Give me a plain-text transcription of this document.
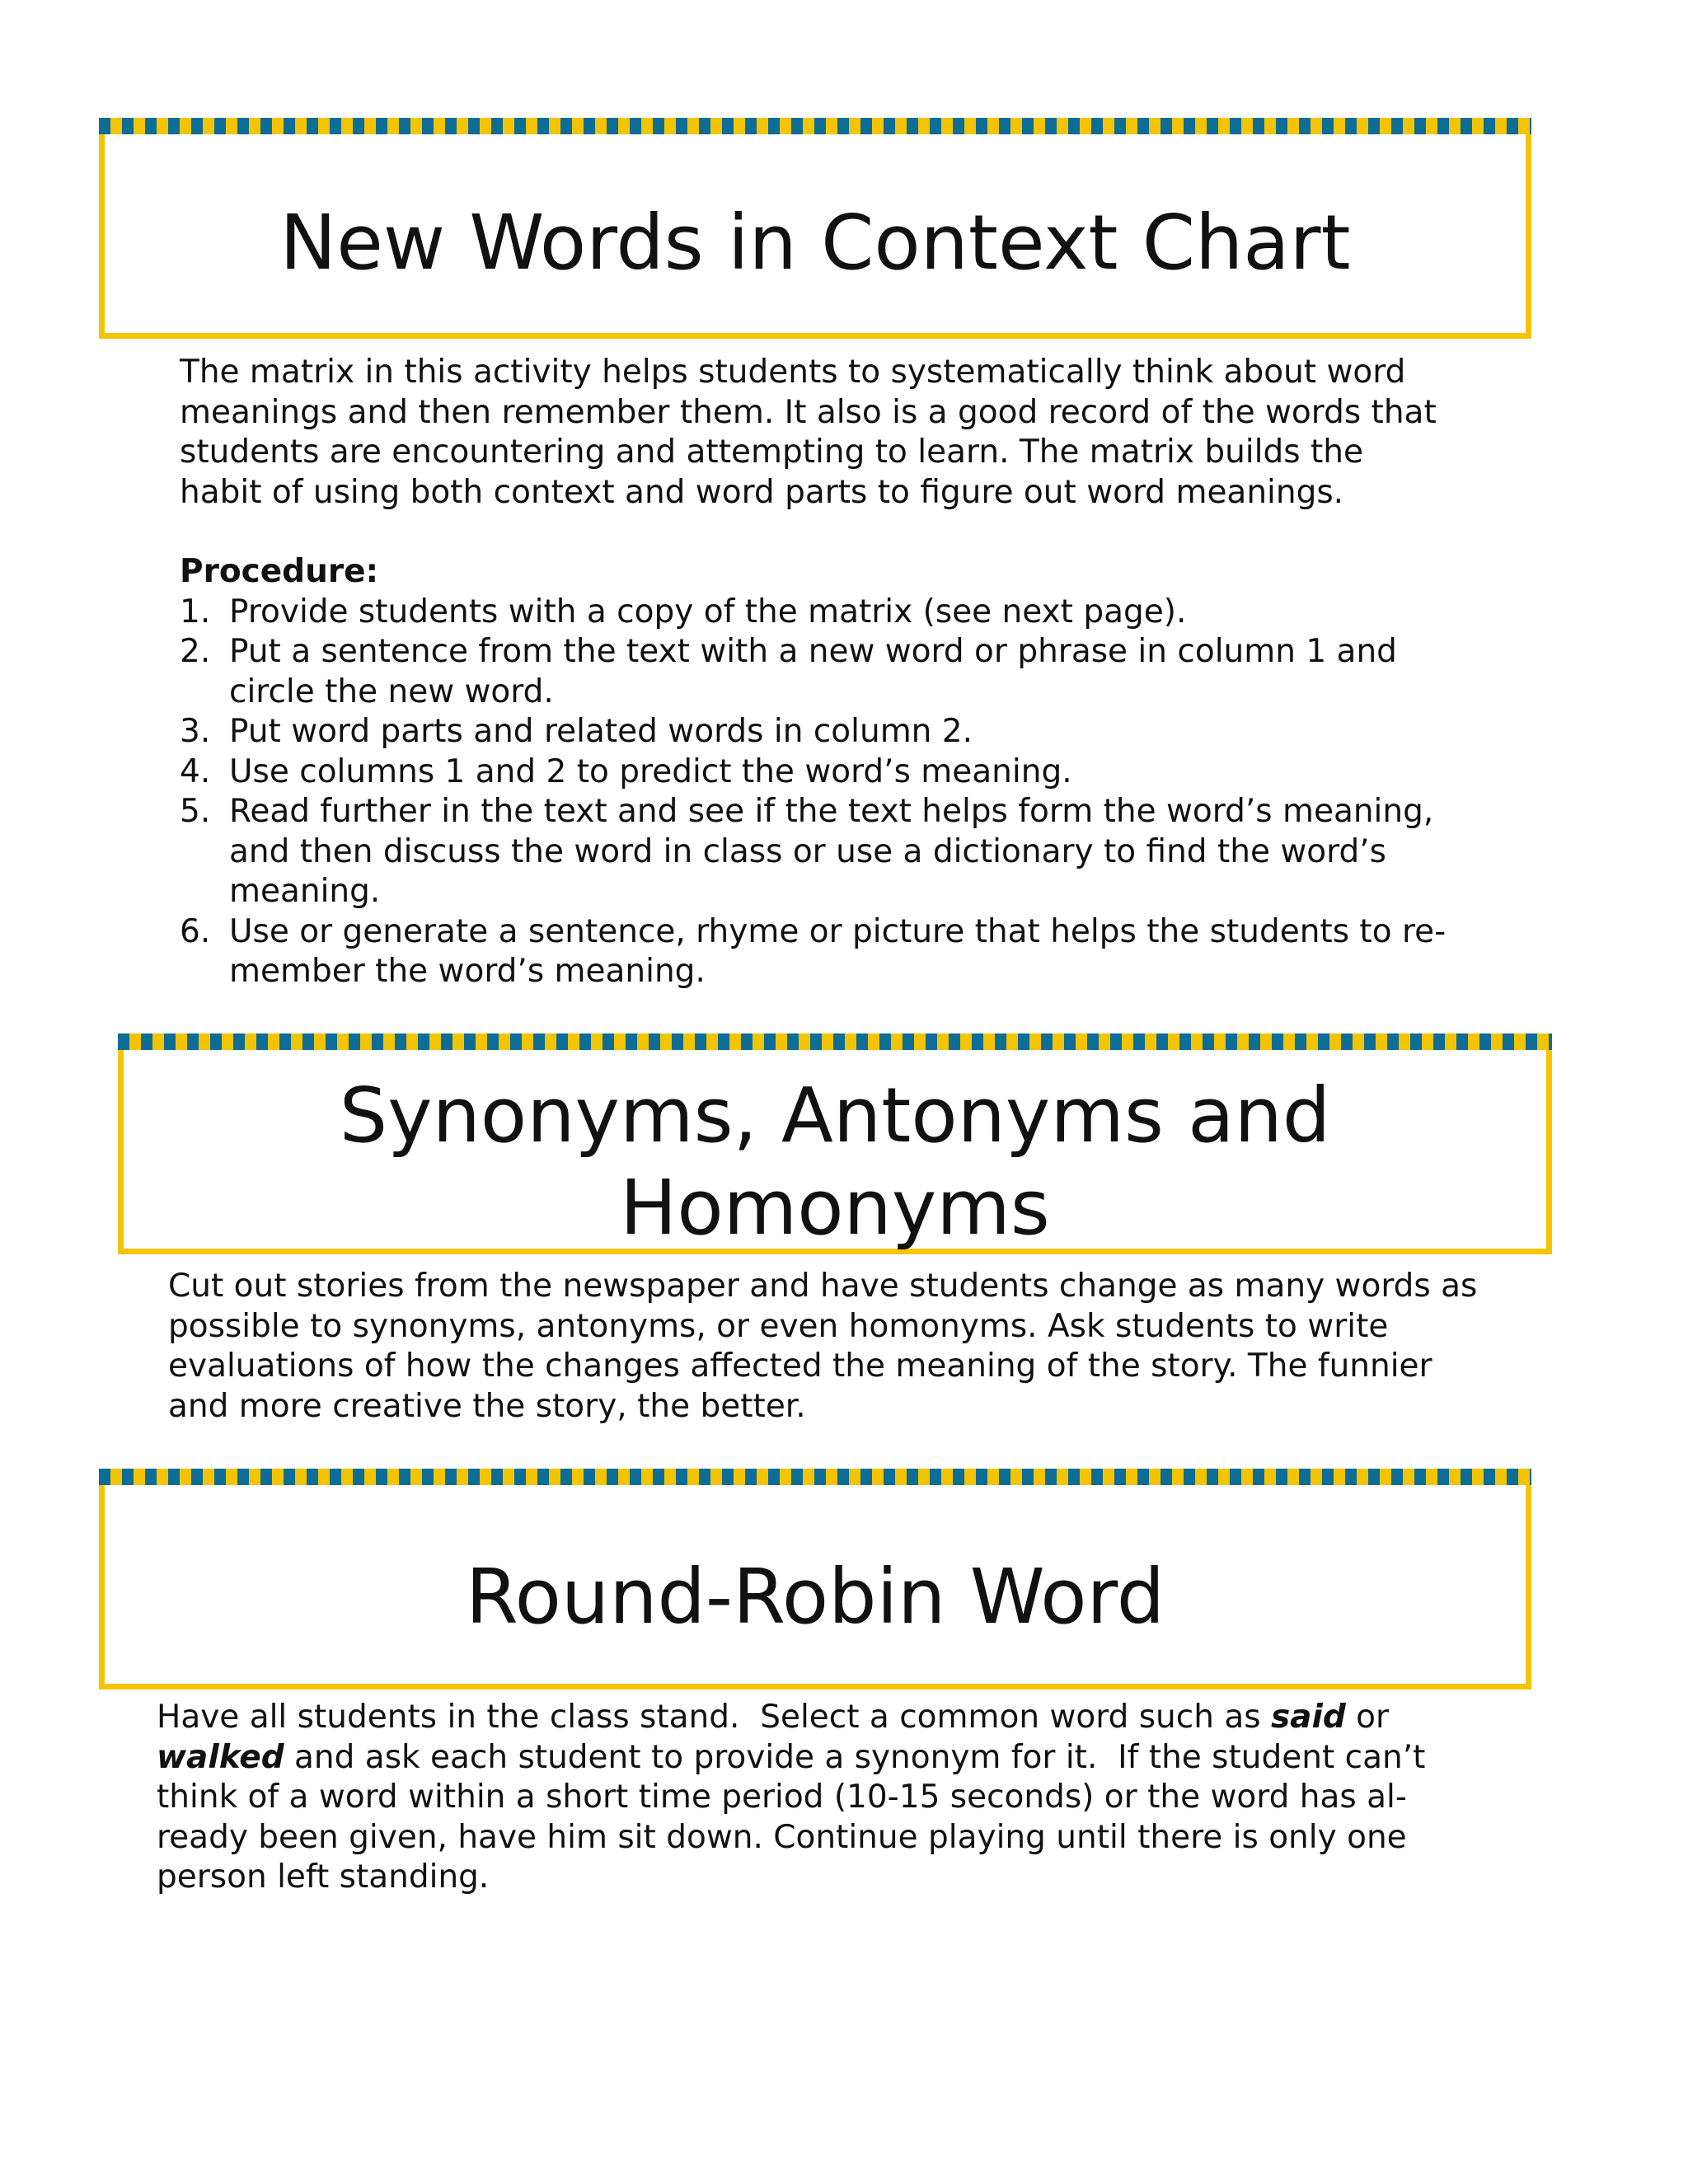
New Words in Context Chart
The matrix in this activity helps students to systematically think about word
meanings and then remember them. It also is a good record of the words that
students are encountering and attempting to learn. The matrix builds the
habit of using both context and word parts to figure out word meanings.
Procedure:
1. Provide students with a copy of the matrix (see next page).
2. Put a sentence from the text with a new word or phrase in column 1 and
circle the new word.
3. Put word parts and related words in column 2.
4. Use columns 1 and 2 to predict the word’s meaning.
5. Read further in the text and see if the text helps form the word’s meaning,
and then discuss the word in class or use a dictionary to find the word’s
meaning.
6. Use or generate a sentence, rhyme or picture that helps the students to re-
member the word’s meaning.
Synonyms, Antonyms and
Homonyms
Cut out stories from the newspaper and have students change as many words as
possible to synonyms, antonyms, or even homonyms. Ask students to write
evaluations of how the changes affected the meaning of the story. The funnier
and more creative the story, the better.
Round-Robin Word
Have all students in the class stand.  Select a common word such as said or
walked and ask each student to provide a synonym for it.  If the student can’t
think of a word within a short time period (10-15 seconds) or the word has al-
ready been given, have him sit down. Continue playing until there is only one
person left standing.
